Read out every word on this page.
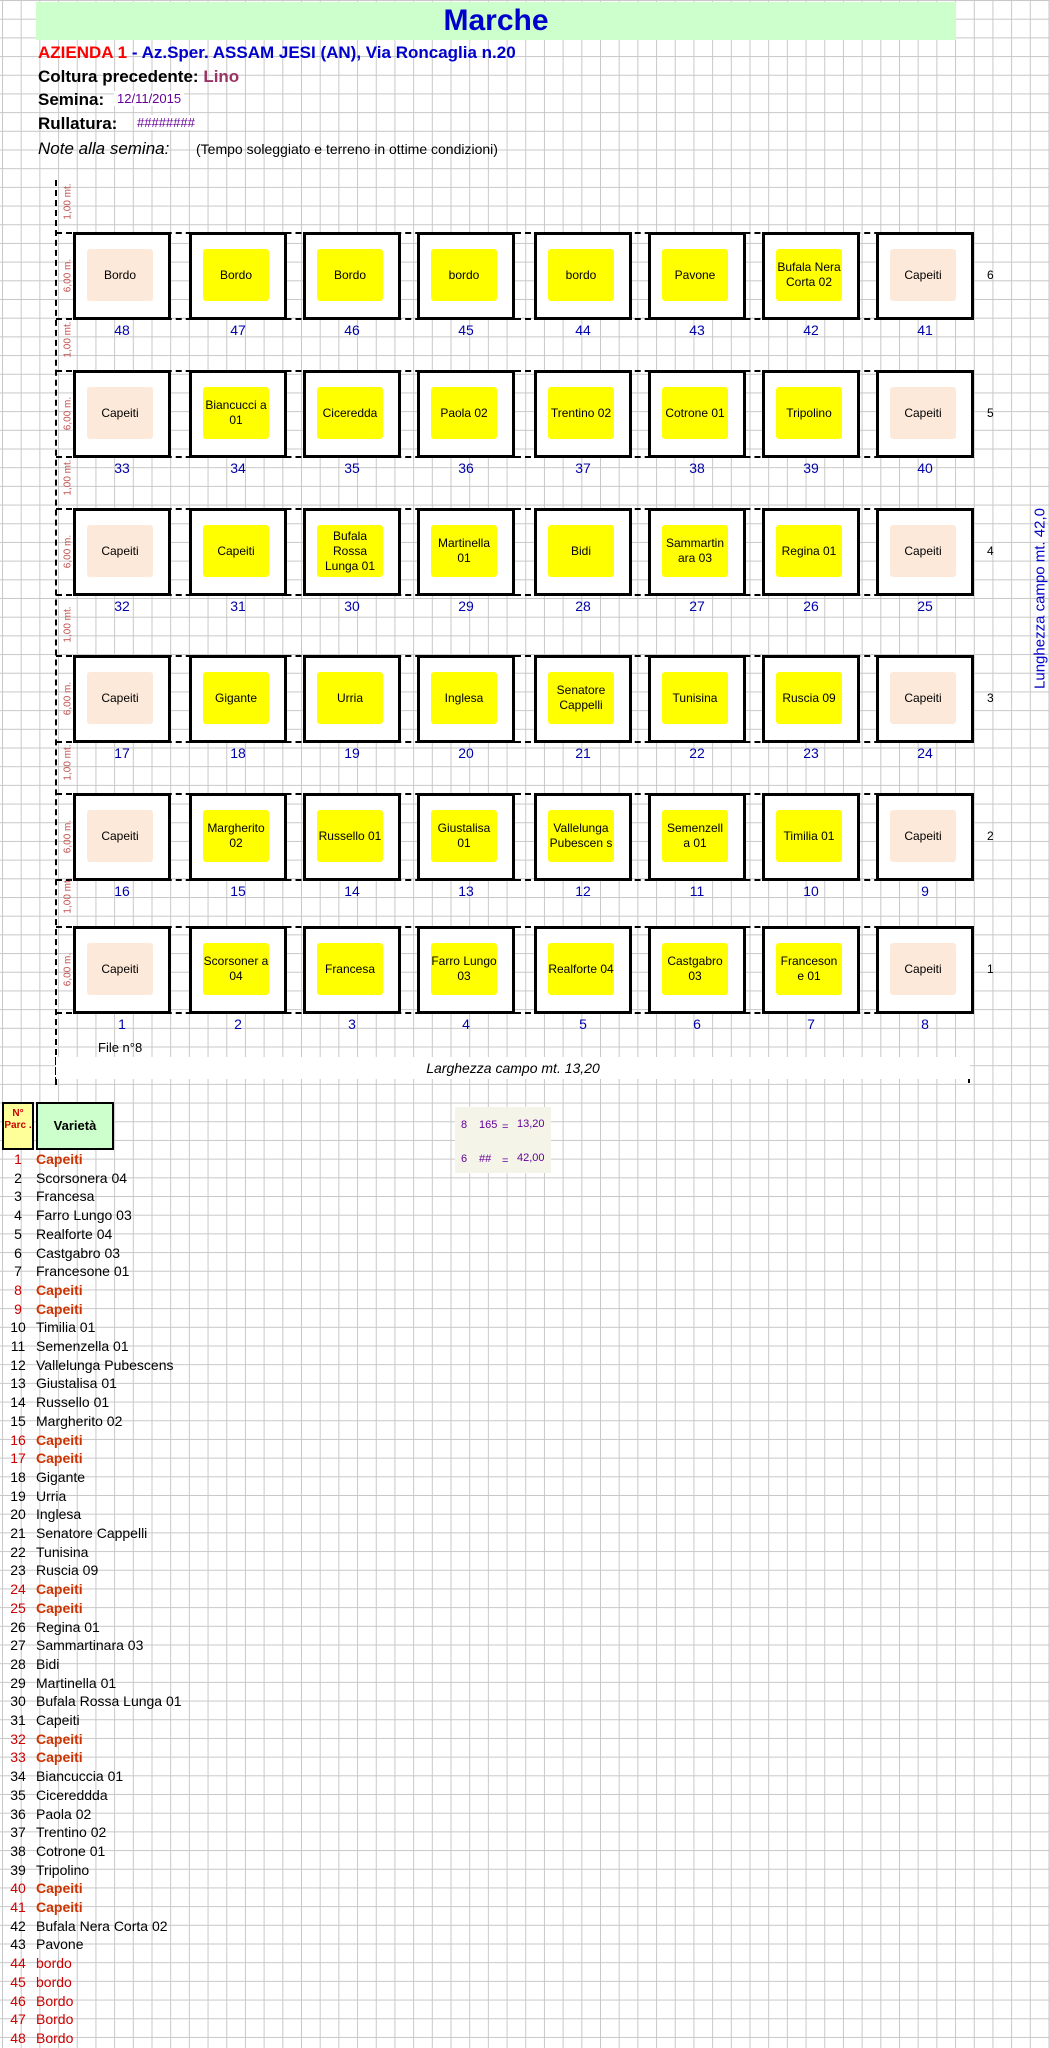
Marche
AZIENDA 1 - Az.Sper. ASSAM JESI (AN), Via Roncaglia n.20
Coltura precedente: Lino
Semina: 12/11/2015
Rullatura: ########
Note alla semina: (Tempo soleggiato e terreno in ottime condizioni)
1,00 mt.
6,00 m.	6
Bordo
48
Bordo
47
Bordo
46
bordo
45
bordo
44
Pavone
43
Bufala Nera Corta 02
42
Capeiti
41
1,00 mt.
6,00 m.	5
Capeiti
33
Biancucci a 01
34
Ciceredda
35
Paola 02
36
Trentino 02
37
Cotrone 01
38
Tripolino
39
Capeiti
40
1,00 mt.
6,00 m.	4
Capeiti
32
Capeiti
31
Bufala Rossa Lunga 01
30
Martinella 01
29
Bidi
28
Sammartin ara 03
27
Regina 01
26
Capeiti
25
1,00 mt.
6,00 m.	3
Capeiti
17
Gigante
18
Urria
19
Inglesa
20
Senatore Cappelli
21
Tunisina
22
Ruscia 09
23
Capeiti
24
1,00 mt.
6,00 m.	2
Capeiti
16
Margherito 02
15
Russello 01
14
Giustalisa 01
13
Vallelunga Pubescen s
12
Semenzell a 01
11
Timilia 01
10
Capeiti
9
1,00 mt.
6,00 m.	1
Capeiti
1
Scorsoner a 04
2
Francesa
3
Farro Lungo 03
4
Realforte 04
5
Castgabro 03
6
Franceson e 01
7
Capeiti
8
File n°8
Larghezza campo mt. 13,20
Lunghezza campo mt. 42,0
8 165 = 13,20
6 ## = 42,00
N° Parc .	Varietà
1	Capeiti
2	Scorsonera 04
3	Francesa
4	Farro Lungo 03
5	Realforte 04
6	Castgabro 03
7	Francesone 01
8	Capeiti
9	Capeiti
10 Timilia 01
11 Semenzella 01
12 Vallelunga Pubescens
13 Giustalisa 01
14 Russello 01
15 Margherito 02
16 Capeiti
17 Capeiti
18 Gigante
19 Urria
20 Inglesa
21 Senatore Cappelli
22 Tunisina
23 Ruscia 09
24 Capeiti
25 Capeiti
26 Regina 01
27 Sammartinara 03
28 Bidi
29 Martinella 01
30 Bufala Rossa Lunga 01
31 Capeiti
32 Capeiti
33 Capeiti
34 Biancuccia 01
35 Cicereddda
36 Paola 02
37 Trentino 02
38 Cotrone 01
39 Tripolino
40 Capeiti
41 Capeiti
42 Bufala Nera Corta 02
43 Pavone
44 bordo
45 bordo
46 Bordo
47 Bordo
48 Bordo
